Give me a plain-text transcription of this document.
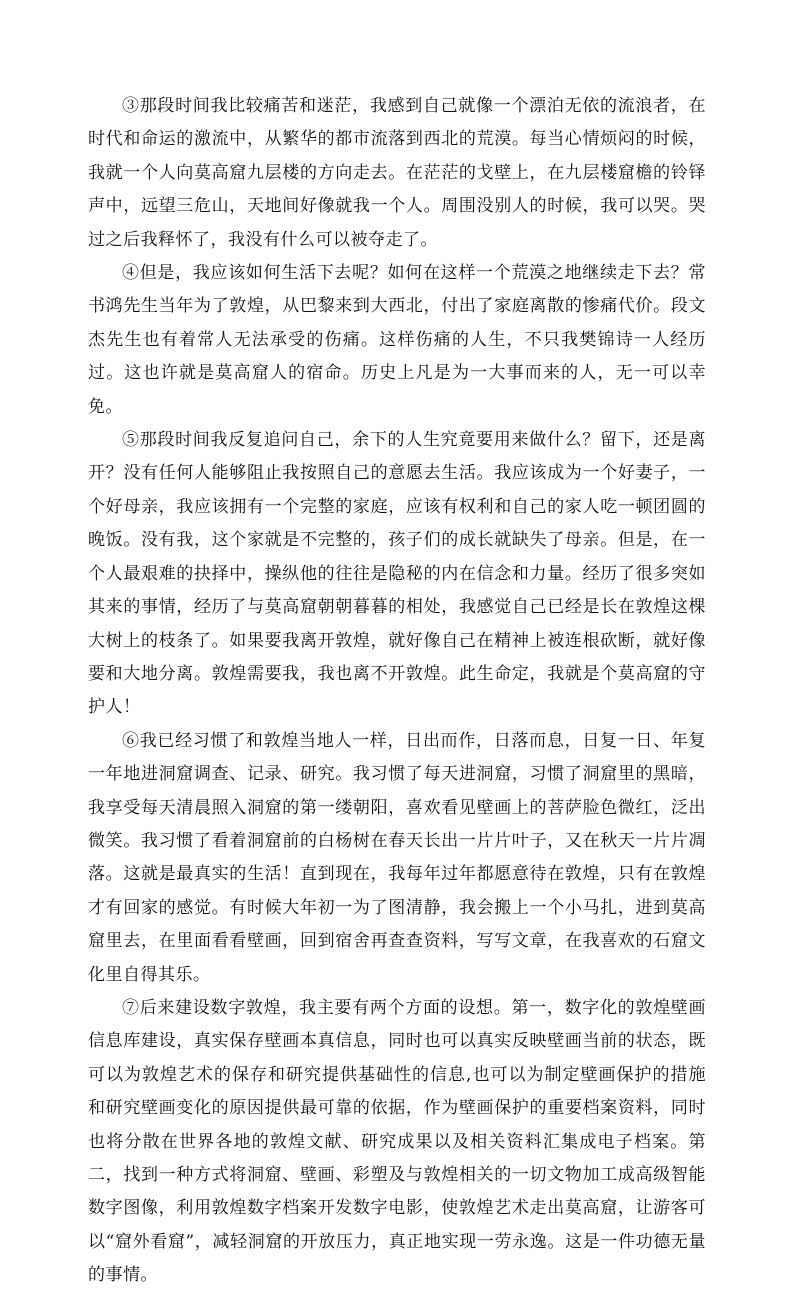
③那段时间我比较痛苦和迷茫，我感到自己就像一个漂泊无依的流浪者，在时代和命运的激流中，从繁华的都市流落到西北的荒漠。每当心情烦闷的时候，我就一个人向莫高窟九层楼的方向走去。在茫茫的戈壁上，在九层楼窟檐的铃铎声中，远望三危山，天地间好像就我一个人。周围没别人的时候，我可以哭。哭过之后我释怀了，我没有什么可以被夺走了。

④但是，我应该如何生活下去呢？如何在这样一个荒漠之地继续走下去？常书鸿先生当年为了敦煌，从巴黎来到大西北，付出了家庭离散的惨痛代价。段文杰先生也有着常人无法承受的伤痛。这样伤痛的人生，不只我樊锦诗一人经历过。这也许就是莫高窟人的宿命。历史上凡是为一大事而来的人，无一可以幸免。

⑤那段时间我反复追问自己，余下的人生究竟要用来做什么？留下，还是离开？没有任何人能够阻止我按照自己的意愿去生活。我应该成为一个好妻子，一个好母亲，我应该拥有一个完整的家庭，应该有权利和自己的家人吃一顿团圆的晚饭。没有我，这个家就是不完整的，孩子们的成长就缺失了母亲。但是，在一个人最艰难的抉择中，操纵他的往往是隐秘的内在信念和力量。经历了很多突如其来的事情，经历了与莫高窟朝朝暮暮的相处，我感觉自己已经是长在敦煌这棵大树上的枝条了。如果要我离开敦煌，就好像自己在精神上被连根砍断，就好像要和大地分离。敦煌需要我，我也离不开敦煌。此生命定，我就是个莫高窟的守护人！

⑥我已经习惯了和敦煌当地人一样，日出而作，日落而息，日复一日、年复一年地进洞窟调查、记录、研究。我习惯了每天进洞窟，习惯了洞窟里的黑暗，我享受每天清晨照入洞窟的第一缕朝阳，喜欢看见壁画上的菩萨脸色微红，泛出微笑。我习惯了看着洞窟前的白杨树在春天长出一片片叶子，又在秋天一片片凋落。这就是最真实的生活！直到现在，我每年过年都愿意待在敦煌，只有在敦煌才有回家的感觉。有时候大年初一为了图清静，我会搬上一个小马扎，进到莫高窟里去，在里面看看壁画，回到宿舍再查查资料，写写文章，在我喜欢的石窟文化里自得其乐。

⑦后来建设数字敦煌，我主要有两个方面的设想。第一，数字化的敦煌壁画信息库建设，真实保存壁画本真信息，同时也可以真实反映壁画当前的状态，既可以为敦煌艺术的保存和研究提供基础性的信息,也可以为制定壁画保护的措施和研究壁画变化的原因提供最可靠的依据，作为壁画保护的重要档案资料，同时也将分散在世界各地的敦煌文献、研究成果以及相关资料汇集成电子档案。第二，找到一种方式将洞窟、壁画、彩塑及与敦煌相关的一切文物加工成高级智能数字图像，利用敦煌数字档案开发数字电影，使敦煌艺术走出莫高窟，让游客可以“窟外看窟”，减轻洞窟的开放压力，真正地实现一劳永逸。这是一件功德无量的事情。
